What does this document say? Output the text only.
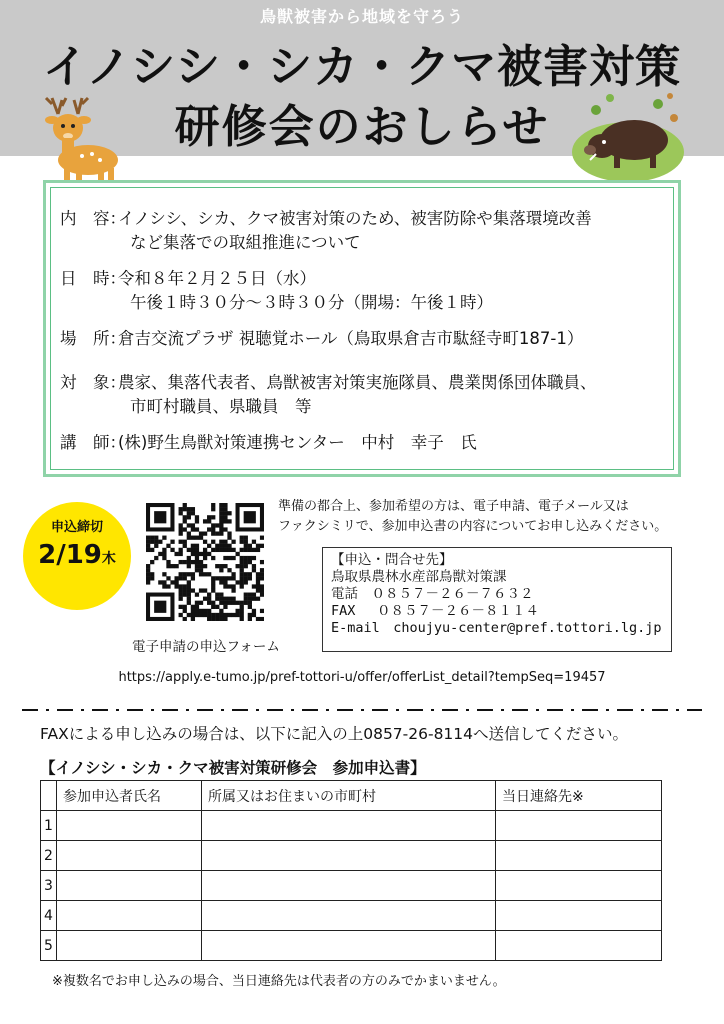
鳥獣被害から地域を守ろう
イノシシ・シカ・クマ被害対策
研修会のおしらせ
内　容：イノシシ、シカ、クマ被害対策のため、被害防除や集落環境改善
など集落での取組推進について
日　時：令和８年２月２５日（水）
午後１時３０分～３時３０分（開場：午後１時）
場　所：倉吉交流プラザ 視聴覚ホール（鳥取県倉吉市駄経寺町187-1）
対　象：農家、集落代表者、鳥獣被害対策実施隊員、農業関係団体職員、
市町村職員、県職員　等
講　師：(株)野生鳥獣対策連携センター　中村　幸子　氏
申込締切
2/19木
電子申請の申込フォーム
準備の都合上、参加希望の方は、電子申請、電子メール又は
ファクシミリで、参加申込書の内容についてお申し込みください。
【申込・問合せ先】
鳥取県農林水産部鳥獣対策課
電話　０８５７－２６－７６３２
FAX　 ０８５７－２６－８１１４
E-mail　choujyu-center@pref.tottori.lg.jp
https://apply.e-tumo.jp/pref-tottori-u/offer/offerList_detail?tempSeq=19457
FAXによる申し込みの場合は、以下に記入の上0857-26-8114へ送信してください。
【イノシシ・シカ・クマ被害対策研修会　参加申込書】
	参加申込者氏名	所属又はお住まいの市町村	当日連絡先※
1			
2			
3			
4			
5			
※複数名でお申し込みの場合、当日連絡先は代表者の方のみでかまいません。
